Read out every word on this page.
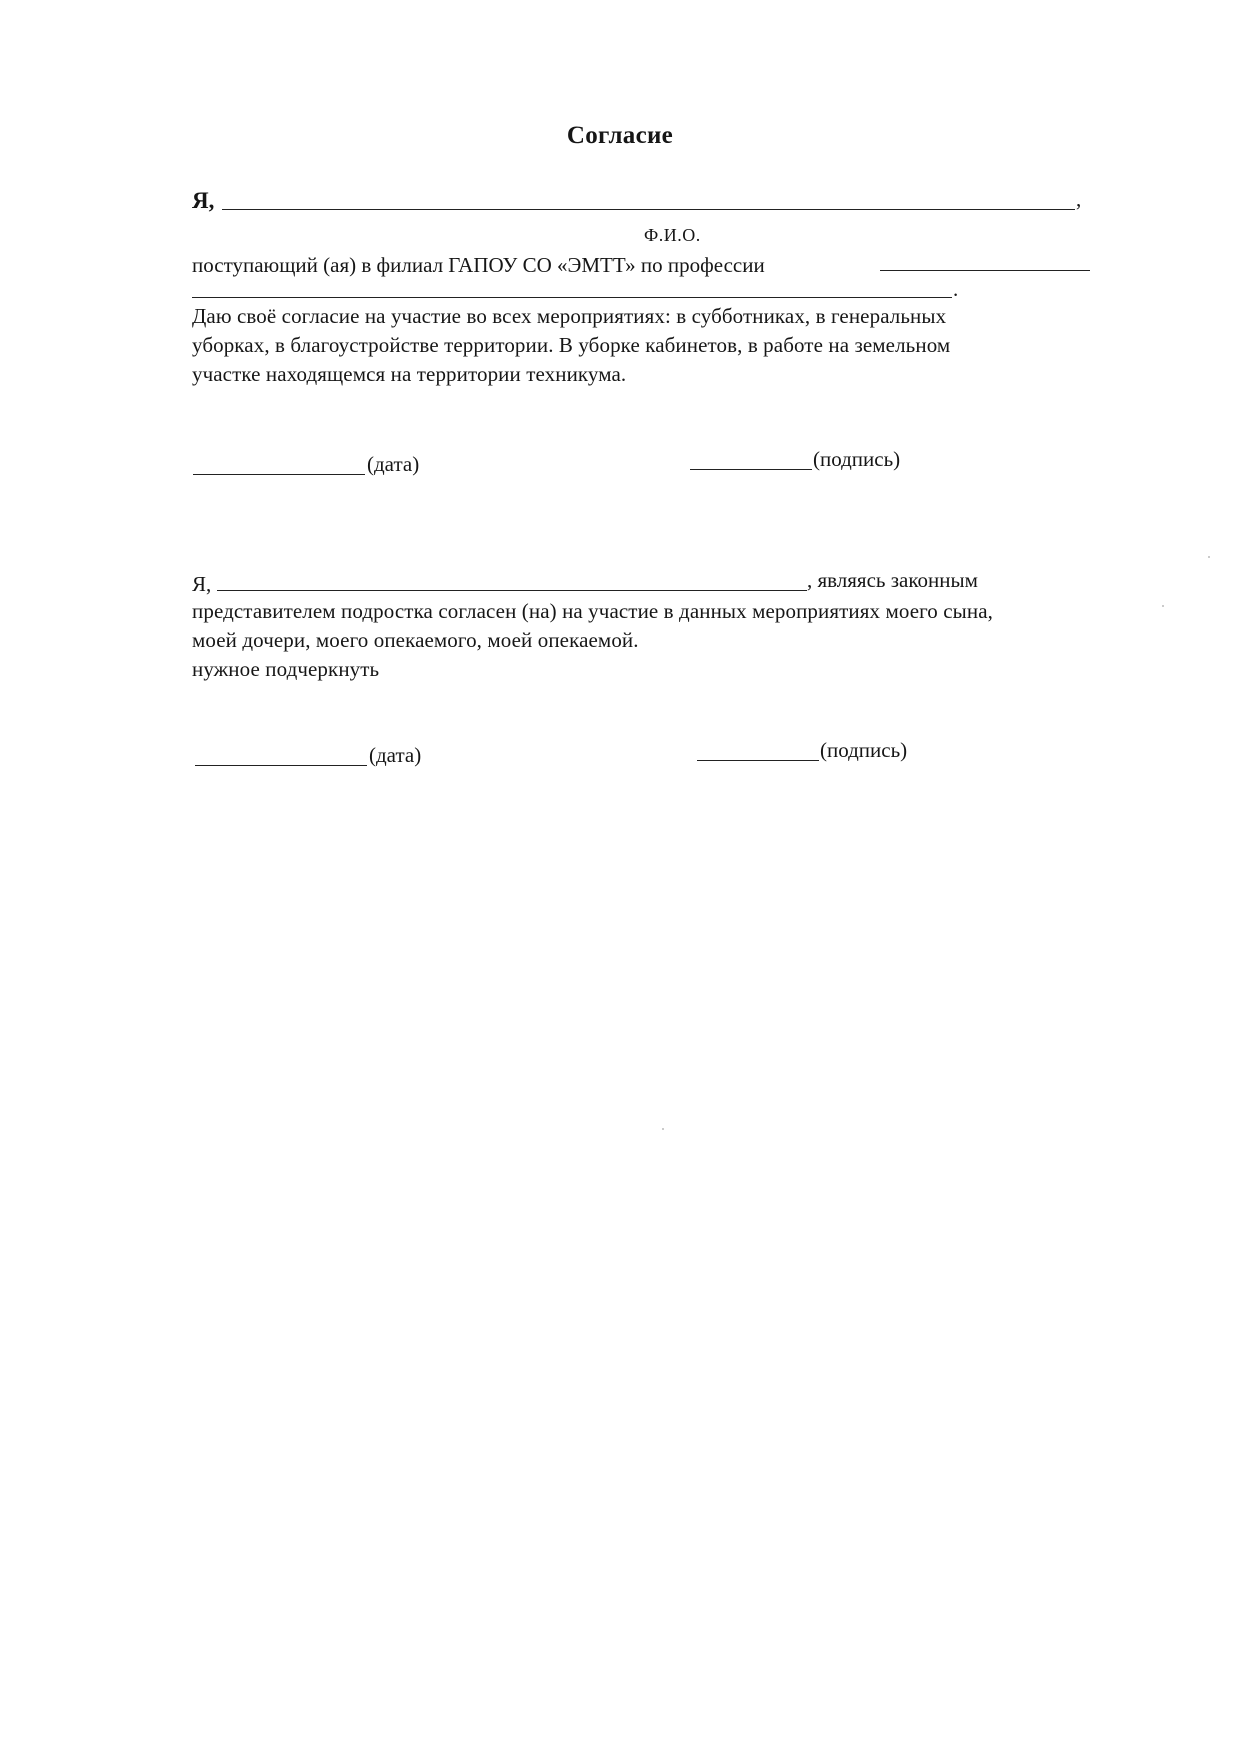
Согласие
Я,	,
Ф.И.О.
поступающий (ая) в филиал ГАПОУ СО «ЭМТТ» по профессии
.
Даю своё согласие на участие во всех мероприятиях: в субботниках, в генеральных
уборках, в благоустройстве территории. В уборке кабинетов, в работе на земельном
участке находящемся на территории техникума.
(дата)	(подпись)
Я,	, являясь законным
представителем подростка согласен (на) на участие в данных мероприятиях моего сына,
моей дочери, моего опекаемого, моей опекаемой.
нужное подчеркнуть
(дата)	(подпись)
